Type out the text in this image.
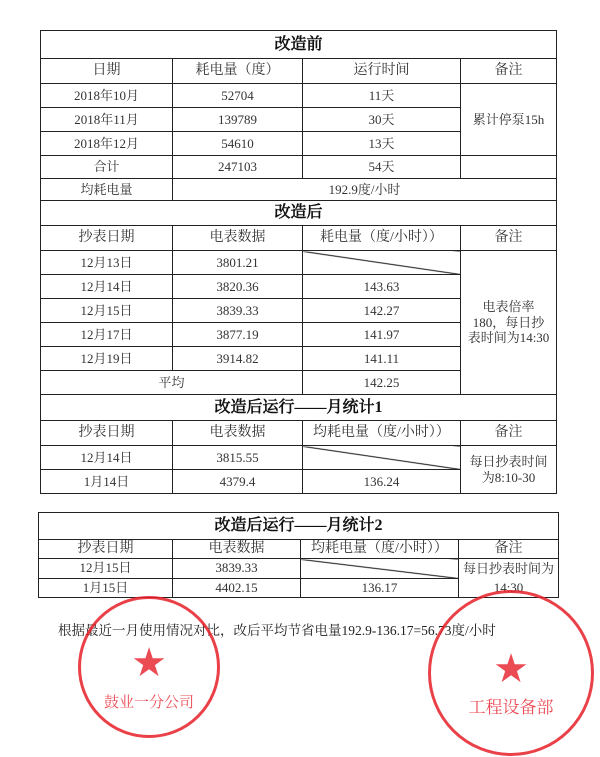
改造前			
日期	耗电量（度）	运行时间	备注
2018年10月	52704	11天	累计停泵15h
2018年11月	139789	30天	
2018年12月	54610	13天	
合计	247103	54天	
均耗电量	192.9度/小时		
改造后			
抄表日期	电表数据	耗电量（度/小时））	备注
12月13日	3801.21		电表倍率180，每日抄表时间为14:30
12月14日	3820.36	143.63	
12月15日	3839.33	142.27	
12月17日	3877.19	141.97	
12月19日	3914.82	141.11	
平均		142.25	
改造后运行——月统计1			
抄表日期	电表数据	均耗电量（度/小时））	备注
12月14日	3815.55		每日抄表时间为8:10-30
1月14日	4379.4	136.24	
改造后运行——月统计2			
抄表日期	电表数据	均耗电量（度/小时））	备注
12月15日	3839.33		每日抄表时间为14:30
1月15日	4402.15	136.17	
根据最近一月使用情况对比，改后平均节省电量192.9-136.17=56.73度/小时
★
鼓业一分公司
★
工程设备部
